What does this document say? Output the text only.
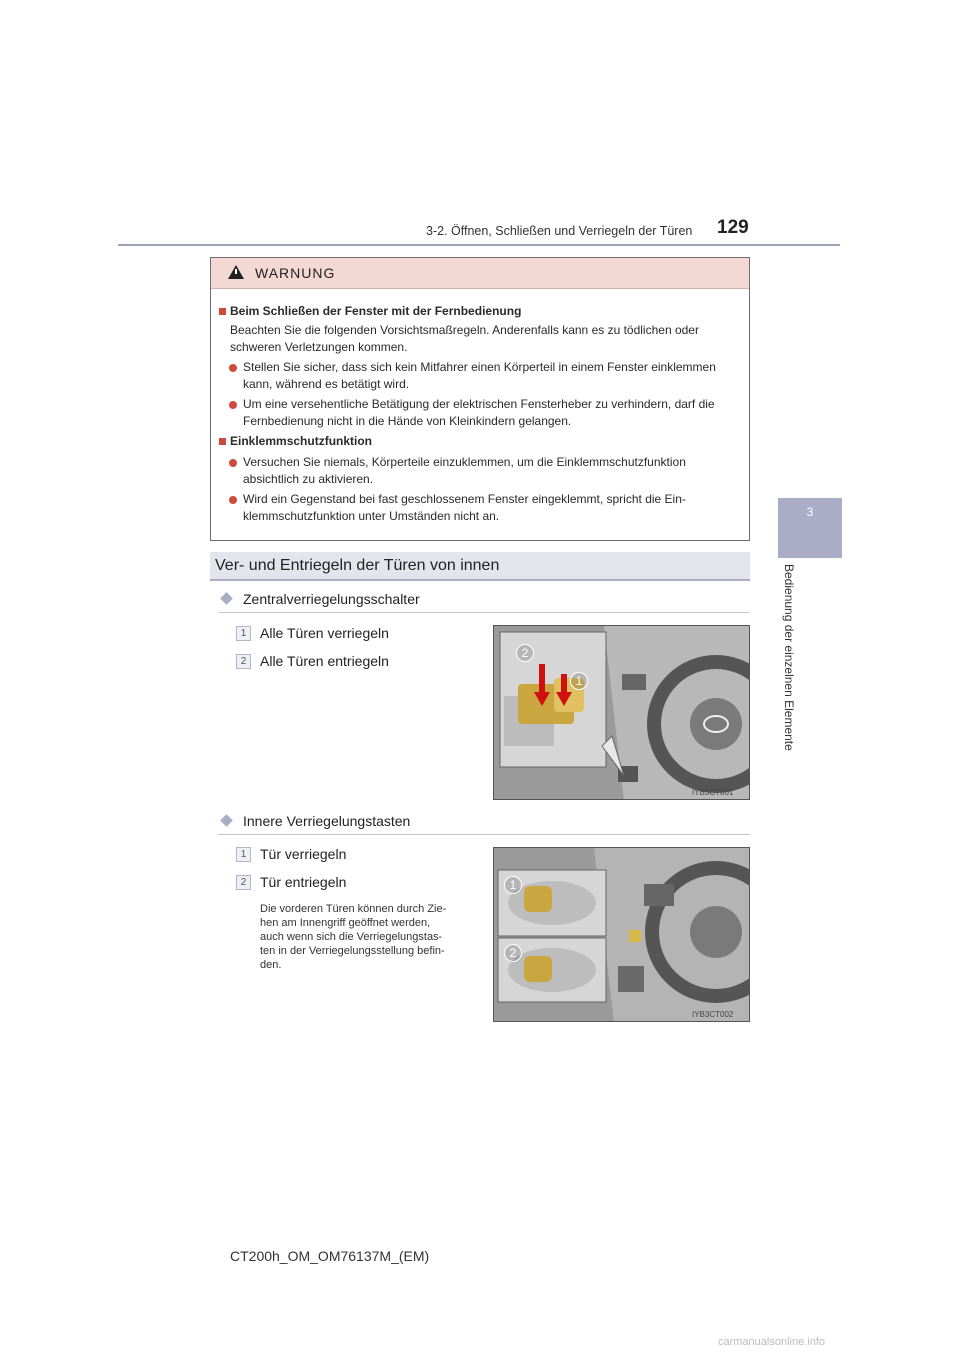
3-2. Öffnen, Schließen und Verriegeln der Türen 129
3
Bedienung der einzelnen Elemente
WARNUNG
Beim Schließen der Fenster mit der Fernbedienung
Beachten Sie die folgenden Vorsichtsmaßregeln. Anderenfalls kann es zu tödlichen oder
schweren Verletzungen kommen.
Stellen Sie sicher, dass sich kein Mitfahrer einen Körperteil in einem Fenster einklemmen
kann, während es betätigt wird.
Um eine versehentliche Betätigung der elektrischen Fensterheber zu verhindern, darf die
Fernbedienung nicht in die Hände von Kleinkindern gelangen.
Einklemmschutzfunktion
Versuchen Sie niemals, Körperteile einzuklemmen, um die Einklemmschutzfunktion
absichtlich zu aktivieren.
Wird ein Gegenstand bei fast geschlossenem Fenster eingeklemmt, spricht die Ein-
klemmschutzfunktion unter Umständen nicht an.
Ver- und Entriegeln der Türen von innen
Zentralverriegelungsschalter
1 Alle Türen verriegeln
2 Alle Türen entriegeln	2
1
IYB3CT001
Innere Verriegelungstasten
1 Tür verriegeln
2 Tür entriegeln
Die vorderen Türen können durch Zie-
hen am Innengriff geöffnet werden,
auch wenn sich die Verriegelungstas-
ten in der Verriegelungsstellung befin-
den.
1
2
IYB3CT002
CT200h_OM_OM76137M_(EM)
carmanualsonline.info
